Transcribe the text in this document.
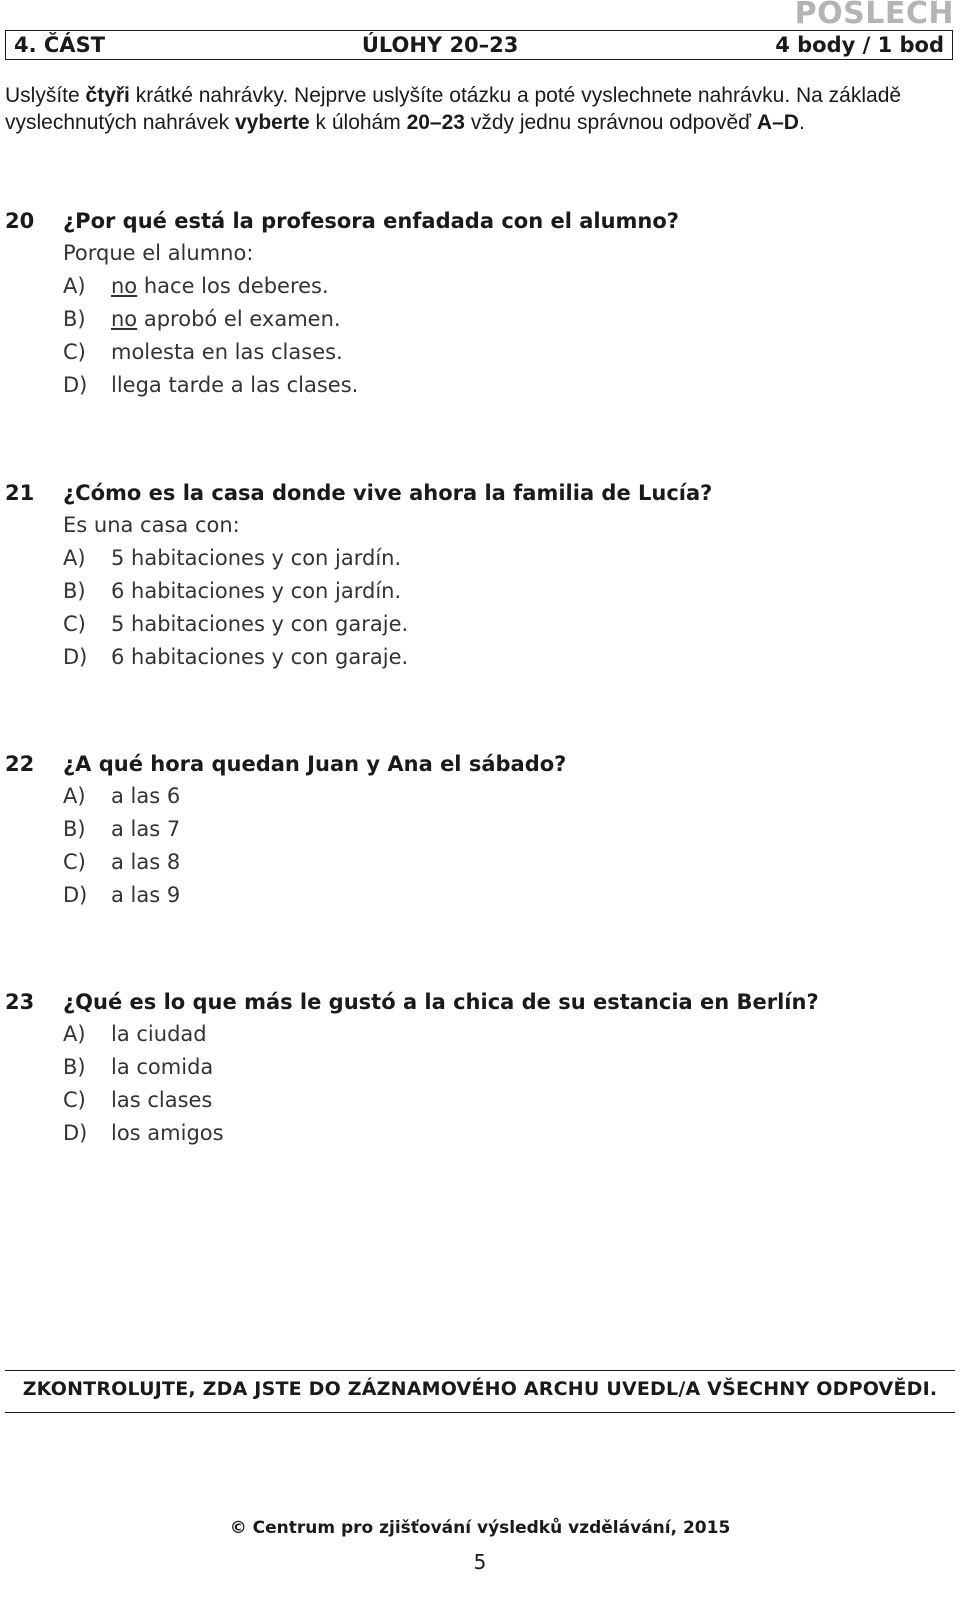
POSLECH
4. ČÁST	ÚLOHY 20–23	4 body / 1 bod
Uslyšíte čtyři krátké nahrávky. Nejprve uslyšíte otázku a poté vyslechnete nahrávku. Na základě vyslechnutých nahrávek vyberte k úlohám 20–23 vždy jednu správnou odpověď A–D.
20	¿Por qué está la profesora enfadada con el alumno?
Porque el alumno:
A)	no hace los deberes.
B)	no aprobó el examen.
C)	molesta en las clases.
D)	llega tarde a las clases.
21	¿Cómo es la casa donde vive ahora la familia de Lucía?
Es una casa con:
A)	5 habitaciones y con jardín.
B)	6 habitaciones y con jardín.
C)	5 habitaciones y con garaje.
D)	6 habitaciones y con garaje.
22	¿A qué hora quedan Juan y Ana el sábado?
A)	a las 6
B)	a las 7
C)	a las 8
D)	a las 9
23	¿Qué es lo que más le gustó a la chica de su estancia en Berlín?
A)	la ciudad
B)	la comida
C)	las clases
D)	los amigos
ZKONTROLUJTE, ZDA JSTE DO ZÁZNAMOVÉHO ARCHU UVEDL/A VŠECHNY ODPOVĚDI.
© Centrum pro zjišťování výsledků vzdělávání, 2015
5
